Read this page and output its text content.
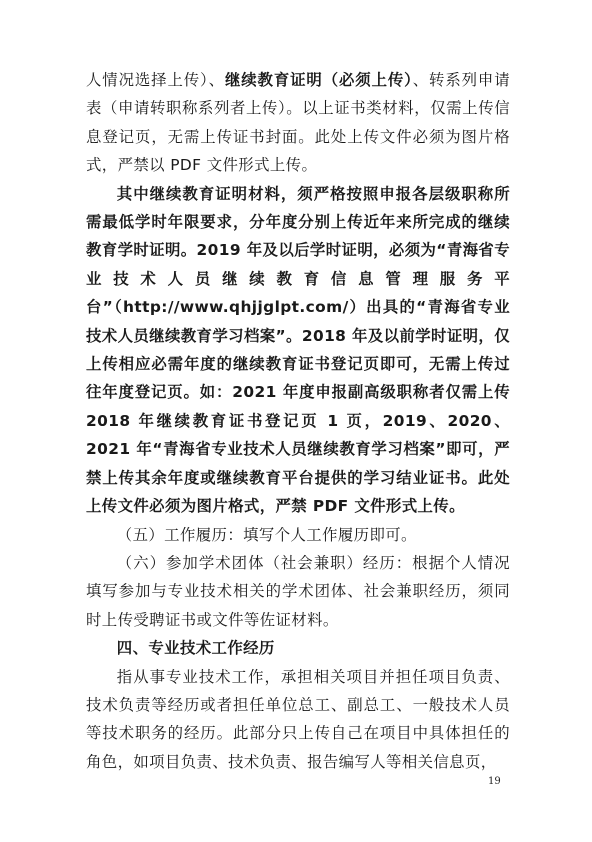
人情况选择上传）、继续教育证明（必须上传）、转系列申请表（申请转职称系列者上传）。以上证书类材料，仅需上传信息登记页，无需上传证书封面。此处上传文件必须为图片格式，严禁以 PDF 文件形式上传。

其中继续教育证明材料，须严格按照申报各层级职称所需最低学时年限要求，分年度分别上传近年来所完成的继续教育学时证明。2019 年及以后学时证明，必须为“青海省专业技术人员继续教育信息管理服务平台”（http://www.qhjjglpt.com/）出具的“青海省专业技术人员继续教育学习档案”。2018 年及以前学时证明，仅上传相应必需年度的继续教育证书登记页即可，无需上传过往年度登记页。如：2021 年度申报副高级职称者仅需上传 2018 年继续教育证书登记页 1 页，2019、2020、2021 年“青海省专业技术人员继续教育学习档案”即可，严禁上传其余年度或继续教育平台提供的学习结业证书。此处上传文件必须为图片格式，严禁 PDF 文件形式上传。

（五）工作履历：填写个人工作履历即可。

（六）参加学术团体（社会兼职）经历：根据个人情况填写参加与专业技术相关的学术团体、社会兼职经历，须同时上传受聘证书或文件等佐证材料。

四、专业技术工作经历

指从事专业技术工作，承担相关项目并担任项目负责、技术负责等经历或者担任单位总工、副总工、一般技术人员等技术职务的经历。此部分只上传自己在项目中具体担任的角色，如项目负责、技术负责、报告编写人等相关信息页，

19
